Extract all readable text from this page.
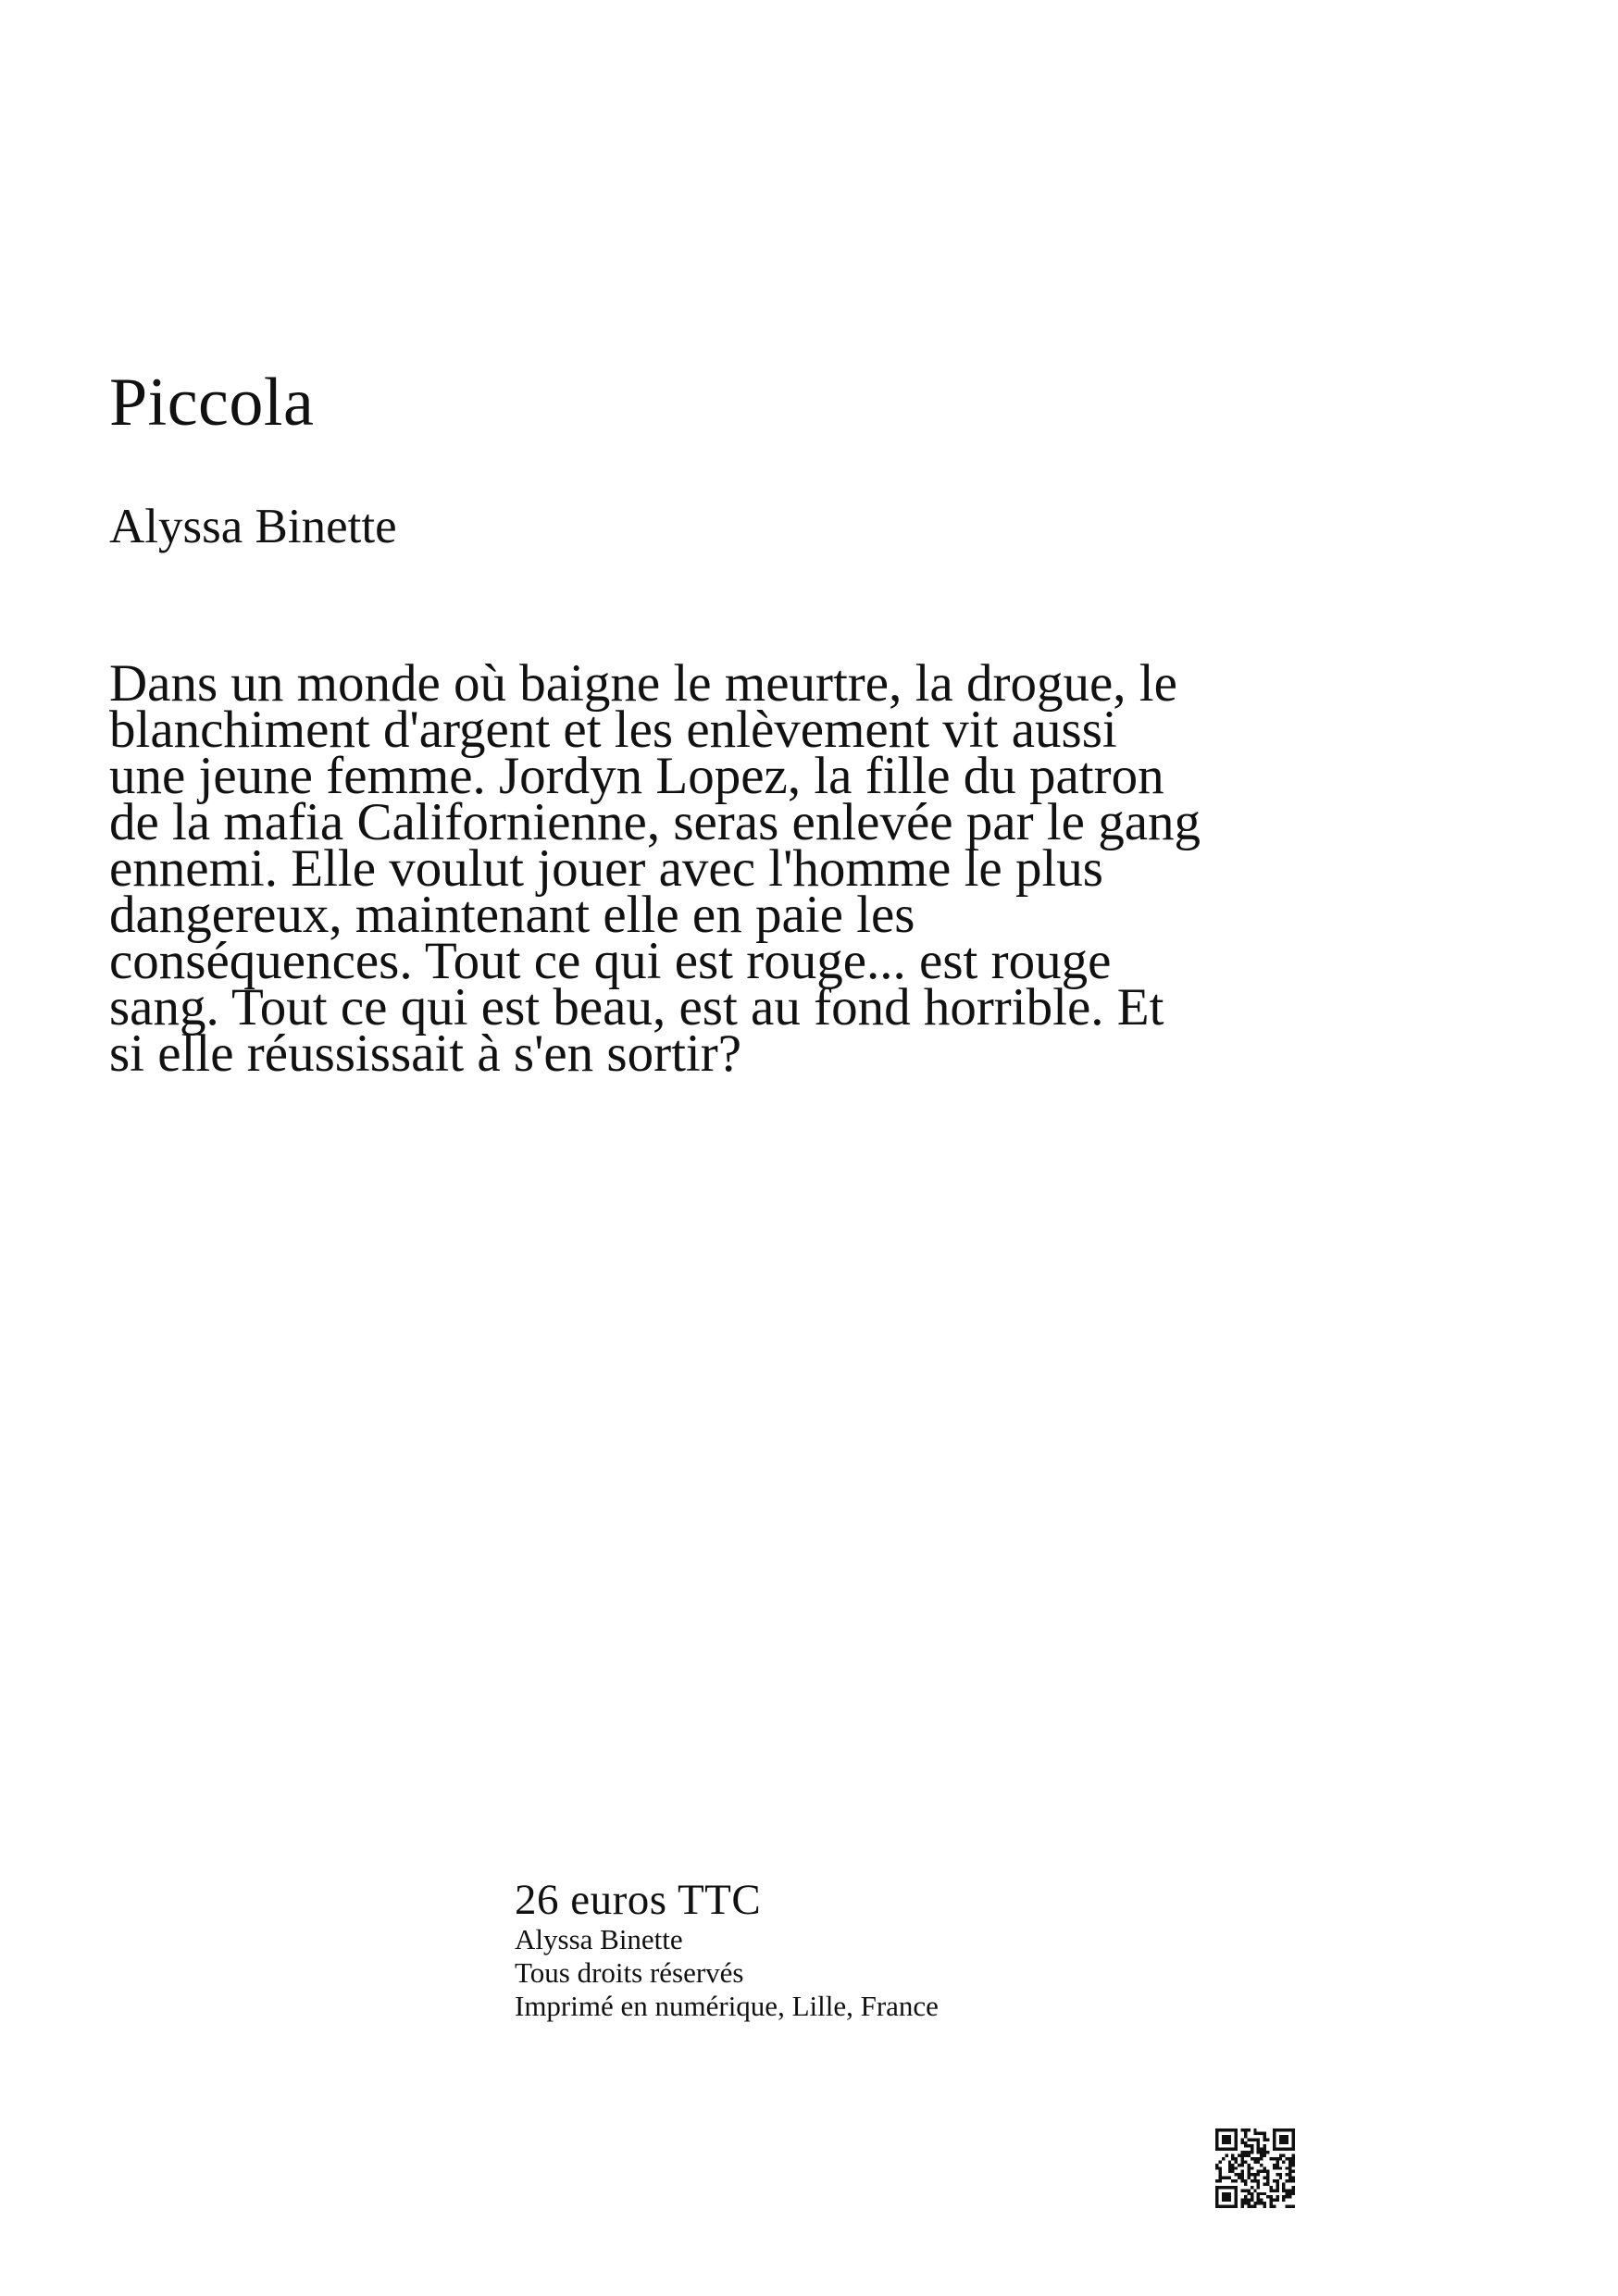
Piccola
Alyssa Binette

Dans un monde où baigne le meurtre, la drogue, le blanchiment d'argent et les enlèvement vit aussi une jeune femme. Jordyn Lopez, la fille du patron de la mafia Californienne, seras enlevée par le gang ennemi. Elle voulut jouer avec l'homme le plus dangereux, maintenant elle en paie les conséquences. Tout ce qui est rouge... est rouge sang. Tout ce qui est beau, est au fond horrible. Et si elle réussissait à s'en sortir?

26 euros TTC
Alyssa Binette
Tous droits réservés
Imprimé en numérique, Lille, France
